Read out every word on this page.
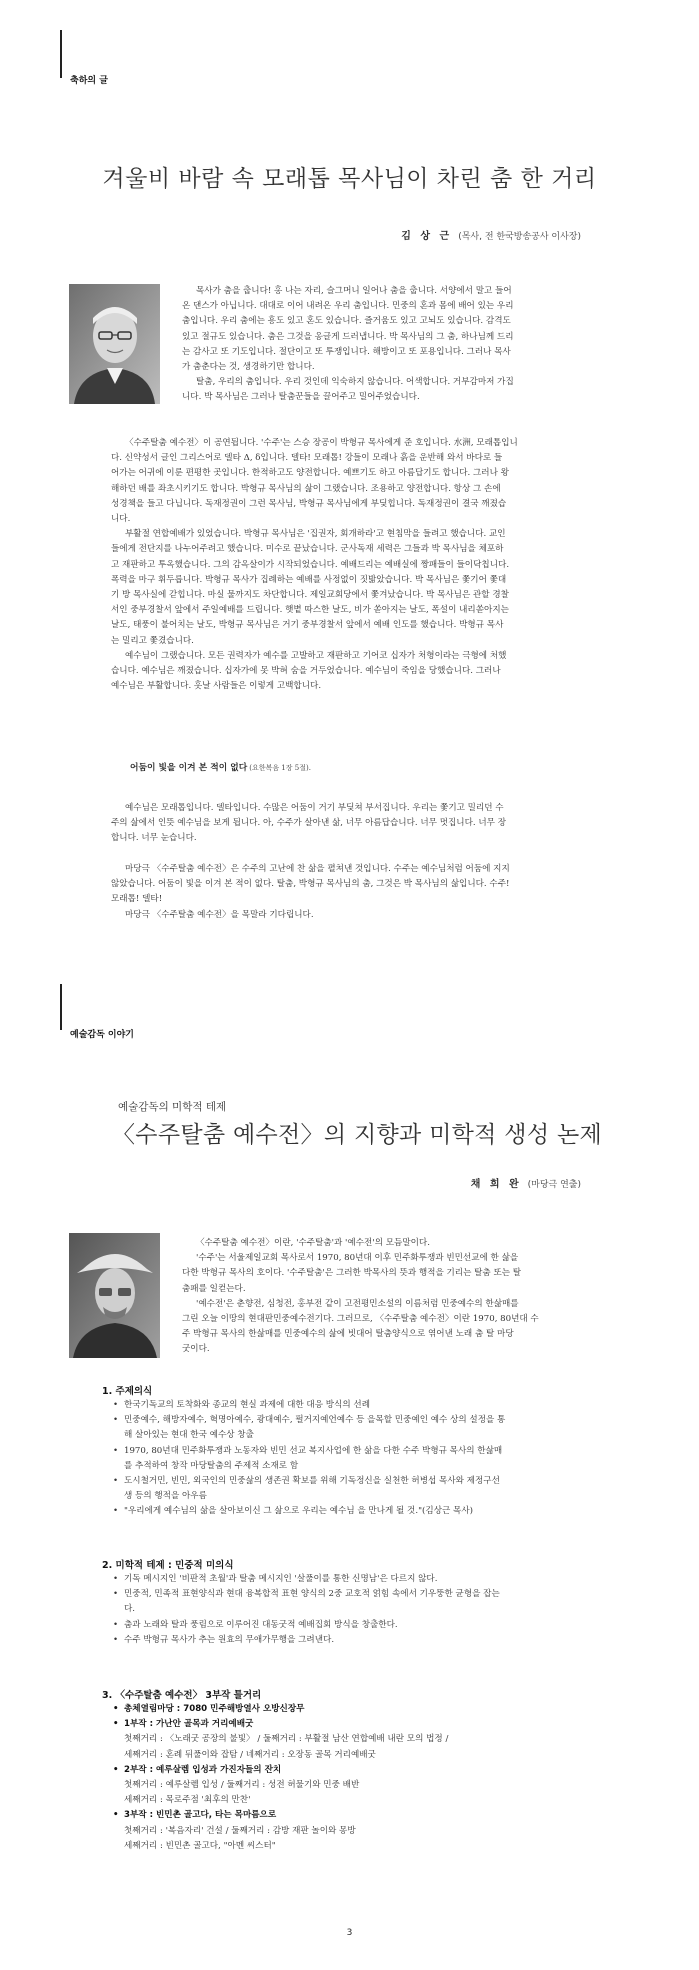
축하의 글
겨울비 바람 속 모래톱 목사님이 차린 춤 한 거리
김 상 근 (목사, 전 한국방송공사 이사장)
목사가 춤을 춥니다! 홍 나는 자리, 슬그머니 일어나 춤을 춥니다. 서양에서 말고 들어
온 댄스가 아닙니다. 대대로 이어 내려온 우리 춤입니다. 민중의 혼과 몸에 배어 있는 우리
춤입니다. 우리 춤에는 흥도 있고 혼도 있습니다. 즐거움도 있고 고뇌도 있습니다. 감격도
있고 절규도 있습니다. 춤은 그것을 옹글게 드러냅니다. 박 목사님의 그 춤, 하나님께 드리
는 감사고 또 기도입니다. 절단이고 또 투쟁입니다. 해방이고 또 포용입니다. 그러나 목사
가 춤춘다는 것, 생경하기만 합니다.
탈춤, 우리의 춤입니다. 우리 것인데 익숙하지 않습니다. 어색합니다. 거부감마저 가집
니다. 박 목사님은 그러나 탈춤꾼들을 끌어주고 밀어주었습니다.
〈수주탈춤 예수전〉이 공연됩니다. '수주'는 스승 장공이 박형규 목사에게 준 호입니다. 水洲, 모래톱입니
다. 신약성서 글인 그리스어로 델타 Δ, δ입니다. 델타! 모래톱! 강들이 모래나 흙을 운반해 와서 바다로 들
어가는 어귀에 이룬 편평한 곳입니다. 한적하고도 양전합니다. 예쁘기도 하고 아름답기도 합니다. 그러나 왕
해하던 배를 좌초시키기도 합니다. 박형규 목사님의 삶이 그랬습니다. 조용하고 양전합니다. 항상 그 손에
성경책을 들고 다닙니다. 독재정권이 그런 목사님, 박형규 목사님에게 부딪힙니다. 독재정권이 결국 깨졌습
니다.
부활절 연합예배가 있었습니다. 박형규 목사님은 '집권자, 회개하라'고 현침막을 들려고 했습니다. 교인
들에게 전단지를 나누어주려고 했습니다. 미수로 끝났습니다. 군사독재 세력은 그들과 박 목사님을 체포하
고 재판하고 투옥했습니다. 그의 감옥살이가 시작되었습니다. 예배드리는 예배실에 짱패들이 들이닥칩니다.
폭력을 마구 휘두릅니다. 박형규 목사가 집례하는 예배를 사정없이 짓밟았습니다. 박 목사님은 쫓기어 쫓대
기 방 목사실에 갇힙니다. 마실 물까지도 차단합니다. 제일교회당에서 쫓겨났습니다. 박 목사님은 관할 경찰
서인 중부경찰서 앞에서 주일예배를 드립니다. 햇볕 따스한 날도, 비가 쏟아지는 날도, 폭설이 내리쏟아지는
날도, 태풍이 불어치는 날도, 박형규 목사님은 거기 중부경찰서 앞에서 예배 인도를 했습니다. 박형규 목사
는 밀리고 쫓겼습니다.
예수님이 그랬습니다. 모든 권력자가 예수를 고발하고 재판하고 기어코 십자가 처형이라는 극형에 처했
습니다. 예수님은 깨졌습니다. 십자가에 못 박혀 숨을 거두었습니다. 예수님이 죽임을 당했습니다. 그러나
예수님은 부활합니다. 홋날 사람들은 이렇게 고백합니다.
어둠이 빛을 이겨 본 적이 없다 (요한복음 1장 5절).
예수님은 모래톱입니다. 델타입니다. 수많은 어둠이 거기 부딪쳐 부서집니다. 우리는 쫓기고 밀리던 수
주의 삶에서 인뜻 예수님을 보게 됩니다. 아, 수주가 살아낸 삶, 너무 아름답습니다. 너무 멋집니다. 너무 장
합니다. 너무 눈습니다.
마당극 〈수주탈춤 예수전〉은 수주의 고난에 찬 삶을 펼쳐낸 것입니다. 수주는 예수님처럼 어둠에 지지
않았습니다. 어둠이 빛을 이겨 본 적이 없다. 탈춤, 박형규 목사님의 춤, 그것은 박 목사님의 삶입니다. 수주!
모래톱! 델타!
마당극 〈수주탈춤 예수전〉을 목말라 기다립니다.
예술감독 이야기
예술감독의 미학적 테제
〈수주탈춤 예수전〉의 지향과 미학적 생성 논제
채 희 완 (마당극 연출)
〈수주탈춤 예수전〉이란, '수주탈춤'과 '예수전'의 모듬말이다.
'수주'는 서울제일교회 목사로서 1970, 80년대 이후 민주화투쟁과 빈민선교에 한 삶을
다한 박형규 목사의 호이다. '수주탈춤'은 그러한 박목사의 뜻과 행적을 기리는 탈춤 또는 탈
춤패를 일컫는다.
'예수전'은 춘향전, 심청전, 홍부전 같이 고전평민소설의 이름처럼 민중예수의 한삶매를
그린 오늘 이땅의 현대판민중예수전기다. 그러므로, 〈수주탈춤 예수전〉이란 1970, 80년대 수
주 박형규 목사의 한삶매를 민중예수의 삶에 빗대어 탈춤양식으로 엮어낸 노래 춤 탈 마당
굿이다.
1. 주제의식
• 한국기독교의 토착화와 종교의 현실 과제에 대한 대응 방식의 선례
• 민중예수, 해방자예수, 혁명아예수, 광대예수, 펄거지예언예수 등 을목할 민중예인 예수 상의 설정을 통
해 살아있는 현대 한국 예수상 창출
• 1970, 80년대 민주화투쟁과 노동자와 빈민 선교 복지사업에 한 삶을 다한 수주 박형규 목사의 한삶매
를 추적하여 창작 마당탈춤의 주제적 소재로 함
• 도시철거민, 빈민, 외국인의 민중삶의 생존권 확보를 위해 기독정신을 실천한 허병섭 목사와 제정구선
생 등의 행적을 아우름
• "우리에게 예수님의 삶을 살아보이신 그 삶으로 우리는 예수님 을 만나게 될 것."(김상근 목사)
2. 미학적 테제 : 민중적 미의식
• 기독 메시지인 '비판적 초월'과 탈춤 메시지인 '살풀이를 통한 신명남'은 다르지 않다.
• 민중적, 민족적 표현양식과 현대 융복합적 표현 양식의 2중 교호적 얽힘 속에서 기우뚱한 균형을 잡는
다.
• 춤과 노래와 탈과 풍림으로 이루어진 대동굿적 예배집회 방식을 창출한다.
• 수주 박형규 목사가 추는 원효의 무애가무행을 그려낸다.
3. 〈수주탈춤 예수전〉 3부작 틀거리
• 총체열림마당 : 7080 민주해방열사 오방신장무
• 1부작 : 가난안 골목과 거리예배굿
첫째거리 : 〈노래굿 공장의 불빛〉 / 둘째거리 : 부활절 남산 연합예배 내란 모의 법정 /
세째거리 : 혼례 뒤풀이와 잡탐 / 네째거리 : 오장동 골목 거리예배굿
• 2부작 : 예루살렘 입성과 가진자들의 잔치
첫째거리 : 예루살렘 입성 / 둘째거리 : 성전 허물기와 민중 배반
세째거리 : 목로주점 '최후의 만찬'
• 3부작 : 빈민촌 골고다, 타는 목마름으로
첫째거리 : '복음자리' 건설 / 둘째거리 : 감방 재판 놀이와 몽방
세째거리 : 빈민촌 골고다, "아멘 씨스터"
3
